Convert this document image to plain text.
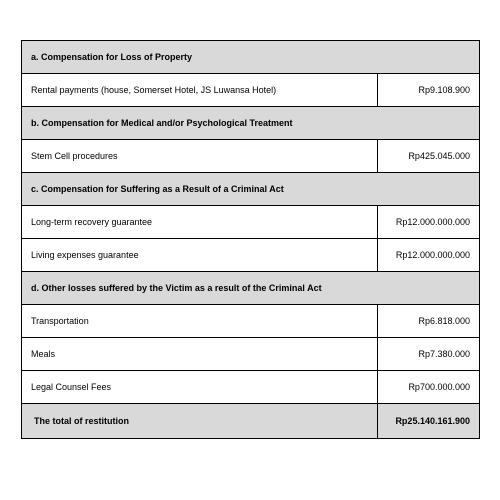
a. Compensation for Loss of Property	
Rental payments (house, Somerset Hotel, JS Luwansa Hotel)	Rp9.108.900
b. Compensation for Medical and/or Psychological Treatment	
Stem Cell procedures	Rp425.045.000
c. Compensation for Suffering as a Result of a Criminal Act	
Long-term recovery guarantee	Rp12.000.000.000
Living expenses guarantee	Rp12.000.000.000
d. Other losses suffered by the Victim as a result of the Criminal Act	
Transportation	Rp6.818.000
Meals	Rp7.380.000
Legal Counsel Fees	Rp700.000.000
The total of restitution	Rp25.140.161.900
